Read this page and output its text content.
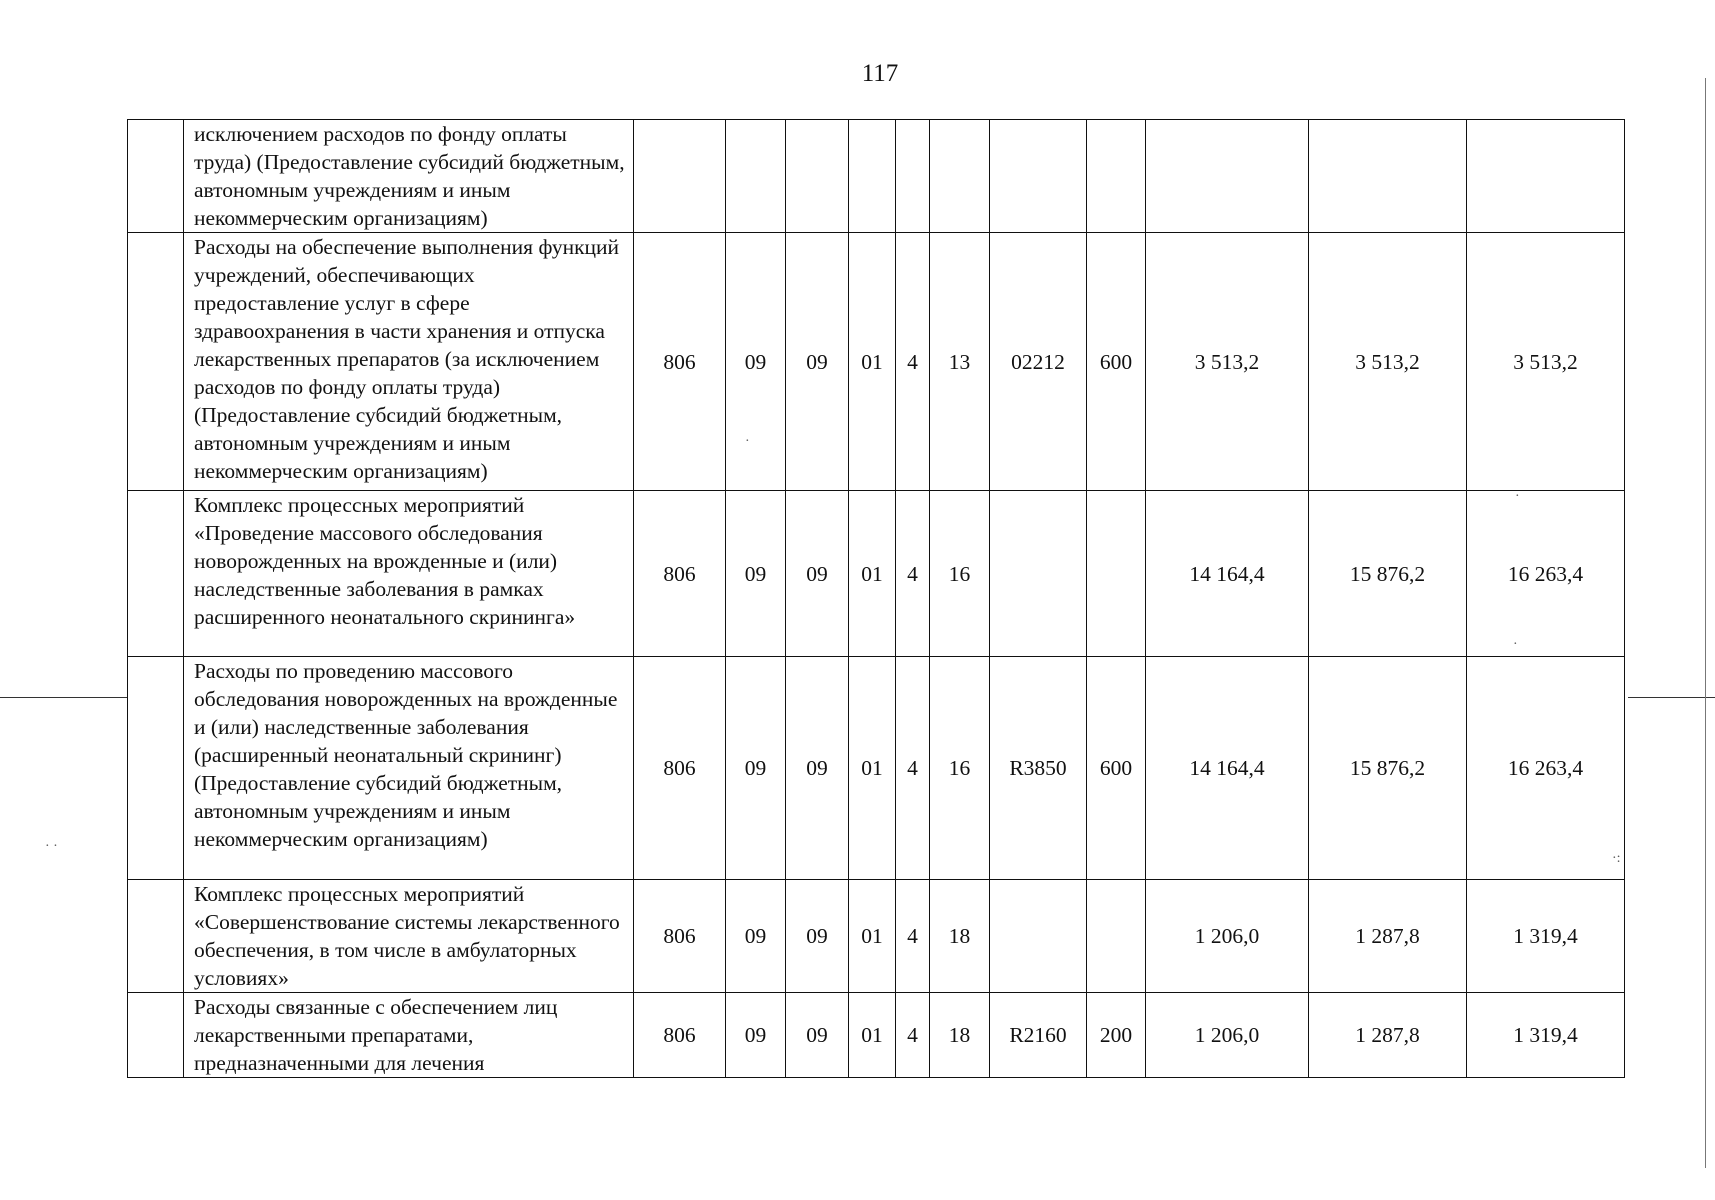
117
· ·
·
·
·
·:
	исключением расходов по фонду оплаты труда) (Предоставление субсидий бюджетным, автономным учреждениям и иным некоммерческим организациям)											
	Расходы на обеспечение выполнения функций учреждений, обеспечивающих предоставление услуг в сфере здравоохранения в части хранения и отпуска лекарственных препаратов (за исключением расходов по фонду оплаты труда) (Предоставление субсидий бюджетным, автономным учреждениям и иным некоммерческим организациям)	806	09	09	01	4	13	02212	600	3 513,2	3 513,2	3 513,2
	Комплекс процессных мероприятий «Проведение массового обследования новорожденных на врожденные и (или) наследственные заболевания в рамках расширенного неонатального скрининга»	806	09	09	01	4	16			14 164,4	15 876,2	16 263,4
	Расходы по проведению массового обследования новорожденных на врожденные и (или) наследственные заболевания (расширенный неонатальный скрининг) (Предоставление субсидий бюджетным, автономным учреждениям и иным некоммерческим организациям)	806	09	09	01	4	16	R3850	600	14 164,4	15 876,2	16 263,4
	Комплекс процессных мероприятий «Совершенствование системы лекарственного обеспечения, в том числе в амбулаторных условиях»	806	09	09	01	4	18			1 206,0	1 287,8	1 319,4
	Расходы связанные с обеспечением лиц лекарственными препаратами, предназначенными для лечения	806	09	09	01	4	18	R2160	200	1 206,0	1 287,8	1 319,4
